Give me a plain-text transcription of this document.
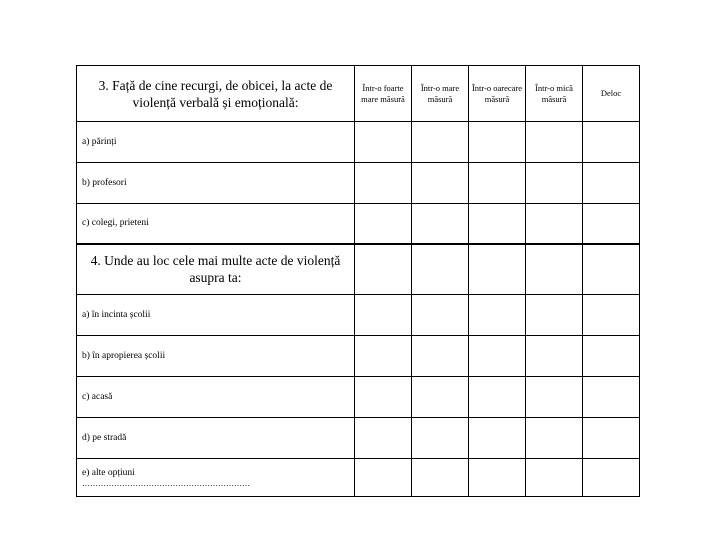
3. Față de cine recurgi, de obicei, la acte de violență verbală și emoțională:	Într-o foarte mare măsură	Într-o mare măsură	Într-o oarecare măsură	Într-o mică măsură	Deloc
a) părinți					
b) profesori					
c) colegi, prieteni					
4. Unde au loc cele mai multe acte de violență asupra ta:					
a) în incinta școlii					
b) în apropierea școlii					
c) acasă					
d) pe stradă					

e) alte opțiuni
………………………………………………………					
